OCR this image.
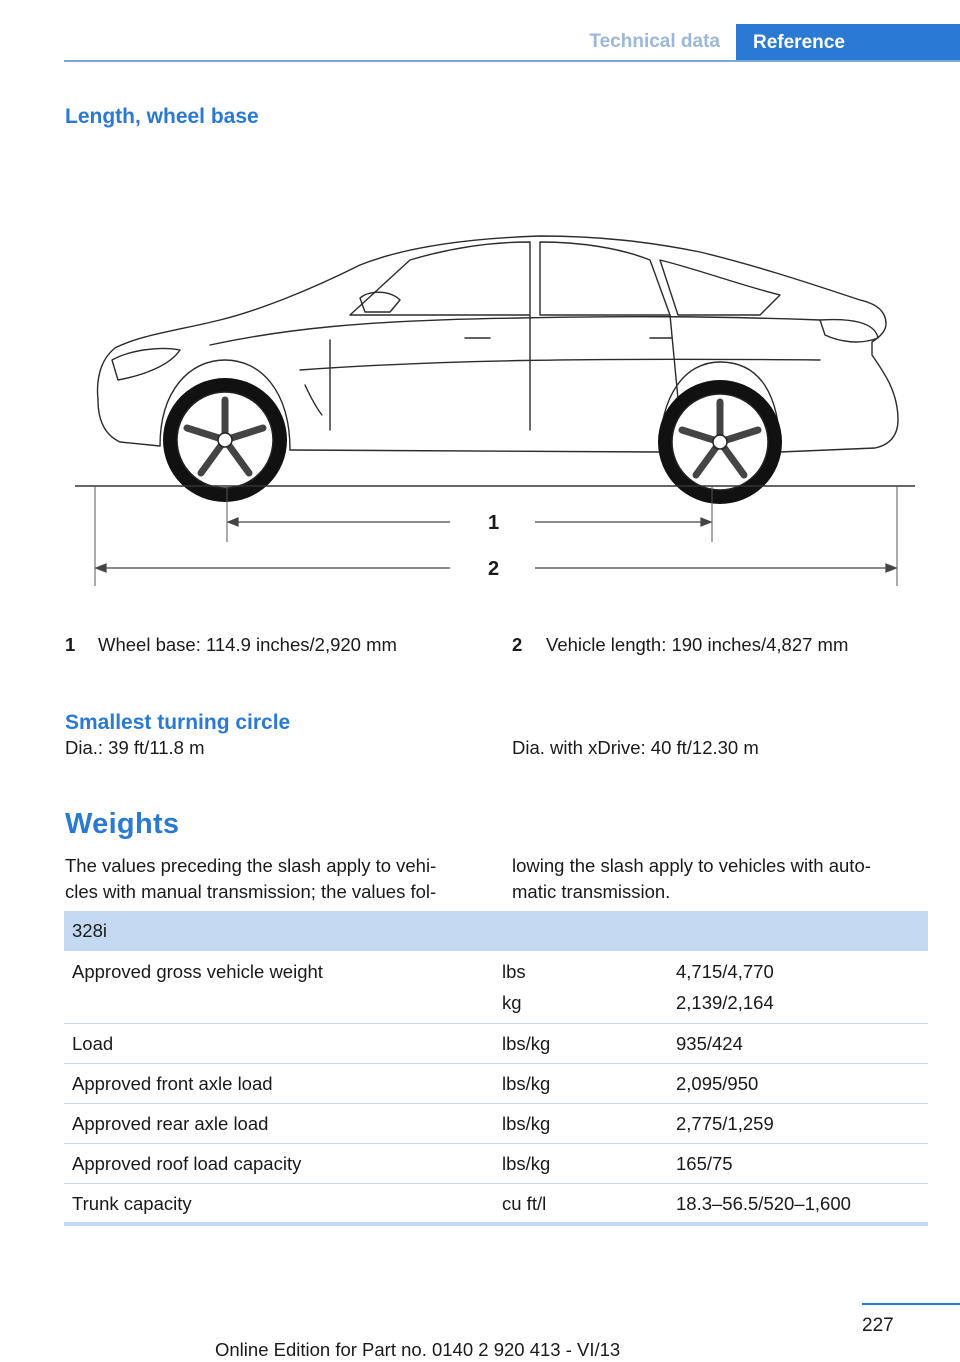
Technical data	Reference
Length, wheel base
1
2
1 Wheel base: 114.9 inches/2,920 mm	2 Vehicle length: 190 inches/4,827 mm
Smallest turning circle
Dia.: 39 ft/11.8 m	Dia. with xDrive: 40 ft/12.30 m
Weights
The values preceding the slash apply to vehi-
cles with manual transmission; the values fol-
lowing the slash apply to vehicles with auto-
matic transmission.
328i
Approved gross vehicle weight	lbs	4,715/4,770
kg	2,139/2,164
Load	lbs/kg	935/424
Approved front axle load	lbs/kg	2,095/950
Approved rear axle load	lbs/kg	2,775/1,259
Approved roof load capacity	lbs/kg	165/75
Trunk capacity	cu ft/l	18.3–56.5/520–1,600
227
Online Edition for Part no. 0140 2 920 413 - VI/13
